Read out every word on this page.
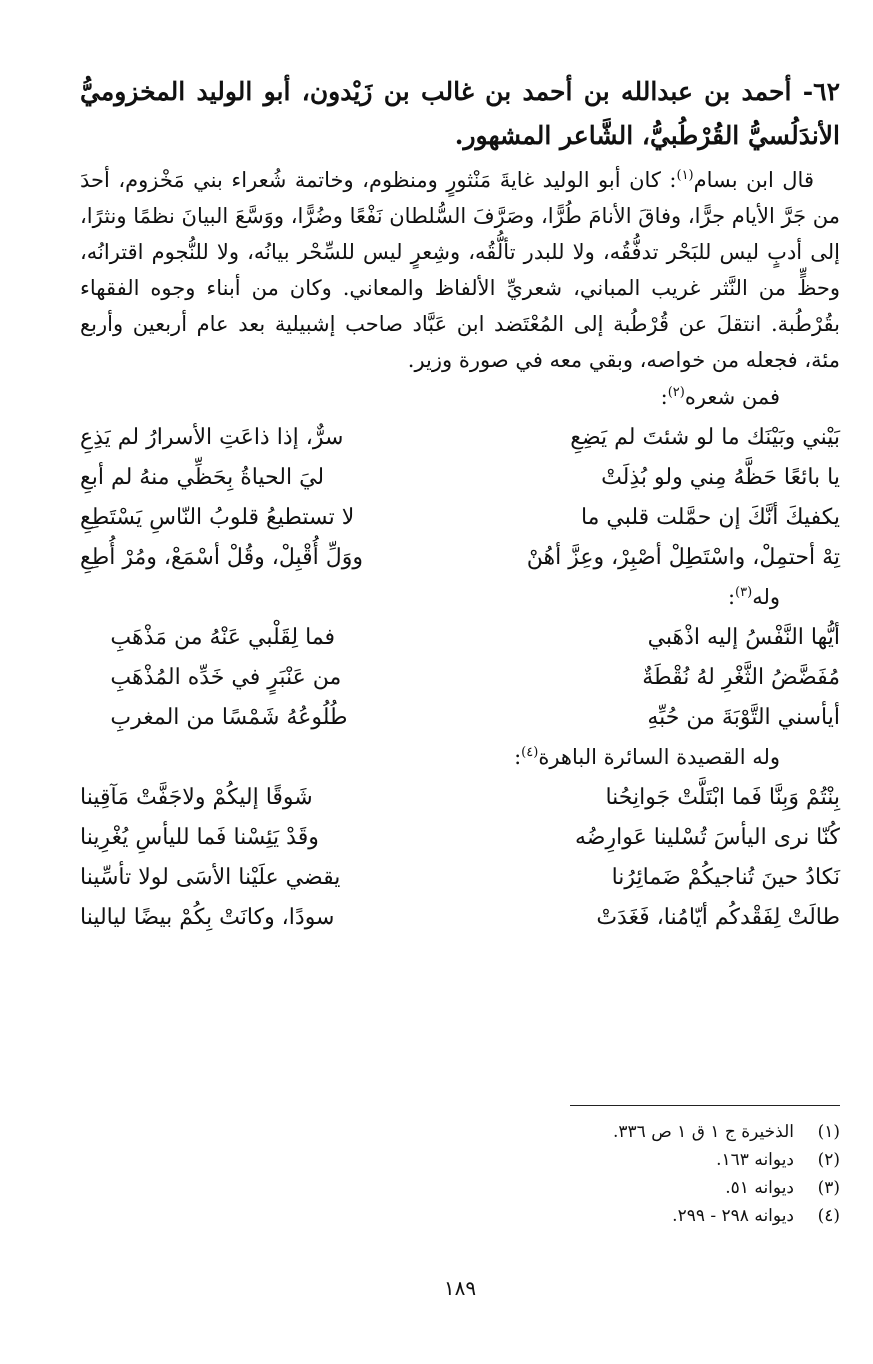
٦٢- أحمد بن عبدالله بن أحمد بن غالب بن زَيْدون، أبو الوليد المخزوميُّ الأندَلُسيُّ القُرْطُبيُّ، الشَّاعر المشهور.

قال ابن بسام$^{(١)}$: كان أبو الوليد غايةَ مَنْثورٍ ومنظوم، وخاتمة شُعراء بني مَخْزوم، أحدَ من جَرَّ الأيام جرًّا، وفاقَ الأنامَ طُرًّا، وصَرَّفَ السُّلطان نَفْعًا وضُرًّا، ووَسَّعَ البيانَ نظمًا ونثرًا، إلى أدبٍ ليس للبَحْر تدفُّقُه، ولا للبدر تألُّقُه، وشِعرٍ ليس للسِّحْر بيانُه، ولا للنُّجوم اقترانُه، وحظٍّ من النَّثر غريب المباني، شعريِّ الألفاظ والمعاني. وكان من أبناء وجوه الفقهاء بقُرْطُبة. انتقلَ عن قُرْطُبة إلى المُعْتَضد ابن عَبَّاد صاحب إشبيلية بعد عام أربعين وأربع مئة، فجعله من خواصه، وبقي معه في صورة وزير.

فمن شعره$^{(٢)}$:
بَيْني وبَيْنَك ما لو شئتَ لم يَضِعِ
سرٌّ، إذا ذاعَتِ الأسرارُ لم يَذِعِ
يا بائعًا حَظَّهُ مِني ولو بُذِلَتْ
ليَ الحياةُ بِحَظِّي منهُ لم أبعِ
يكفيكَ أنَّكَ إن حمَّلت قلبي ما
لا تستطيعُ قلوبُ النّاسِ يَسْتَطِعِ
تِهْ أحتمِلْ، واسْتَطِلْ أصْبِرْ، وعِزَّ أهُنْ
ووَلِّ أُقْبِلْ، وقُلْ أسْمَعْ، ومُرْ أُطِعِ
وله$^{(٣)}$:
أيُّها النَّفْسُ إليه اذْهَبي
فما لِقَلْبي عَنْهُ من مَذْهَبِ
مُفَضَّضُ الثَّغْرِ لهُ نُقْطَةٌ
من عَنْبَرٍ في خَدِّه المُذْهَبِ
أيأسني التَّوْبَةَ من حُبِّهِ
طُلُوعُهُ شَمْسًا من المغربِ
وله القصيدة السائرة الباهرة$^{(٤)}$:
بِنْتُمْ وَبِنَّا فَما ابْتَلَّتْ جَوانِحُنا
شَوقًا إليكُمْ ولاجَفَّتْ مَآقِينا
كُنّا نرى اليأسَ تُسْلينا عَوارِضُه
وقَدْ يَئِسْنا فَما لليأسِ يُغْرِينا
نَكادُ حينَ تُناجيكُمْ ضَمائِرُنا
يقضي علَيْنا الأسَى لولا تأسِّينا
طالَتْ لِفَقْدكُم أيّامُنا، فَغَدَتْ
سودًا، وكانَتْ بِكُمْ بيضًا ليالينا
(١)
الذخيرة ج ١ ق ١ ص ٣٣٦.
(٢)
ديوانه ١٦٣.
(٣)
ديوانه ٥١.
(٤)
ديوانه ٢٩٨ - ٢٩٩.
١٨٩
